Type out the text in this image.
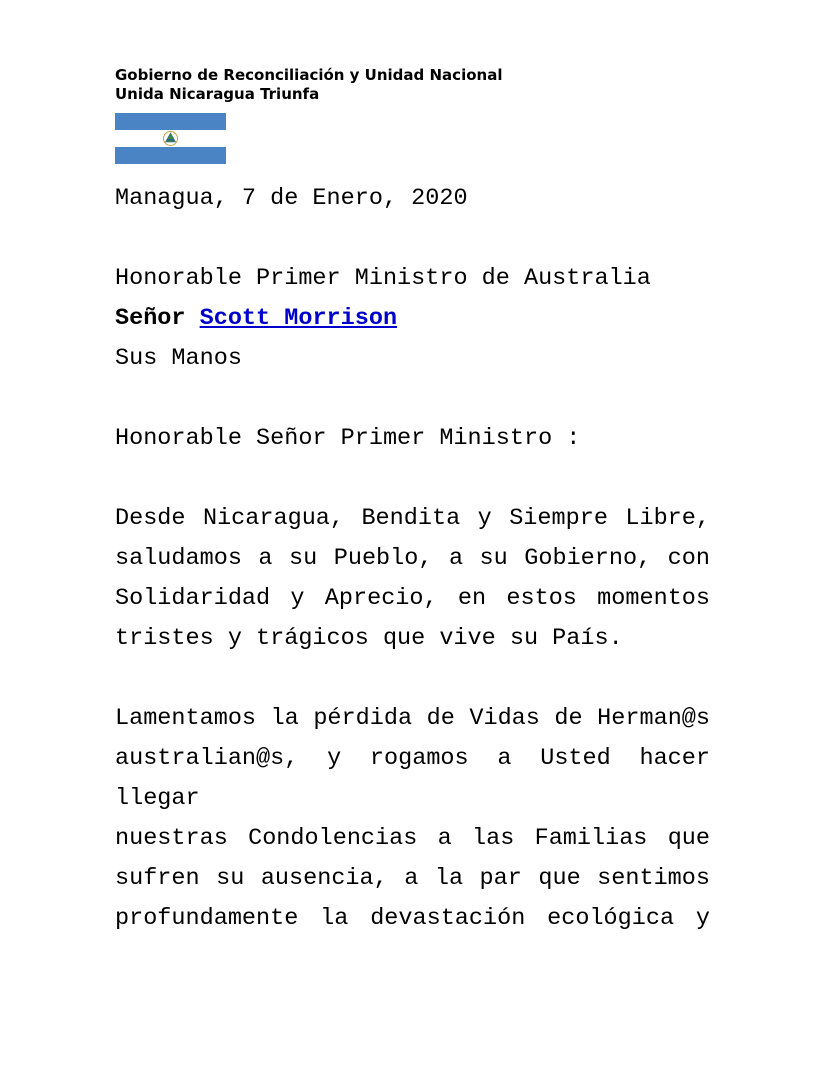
Gobierno de Reconciliación y Unidad Nacional
Unida Nicaragua Triunfa

Managua, 7 de Enero, 2020

Honorable Primer Ministro de Australia

Señor Scott Morrison

Sus Manos

Honorable Señor Primer Ministro :

Desde Nicaragua, Bendita y Siempre Libre,

saludamos a su Pueblo, a su Gobierno, con

Solidaridad y Aprecio, en estos momentos

tristes y trágicos que vive su País.

Lamentamos la pérdida de Vidas de Herman@s

australian@s, y rogamos a Usted hacer llegar

nuestras Condolencias a las Familias que

sufren su ausencia, a la par que sentimos

profundamente la devastación ecológica y
